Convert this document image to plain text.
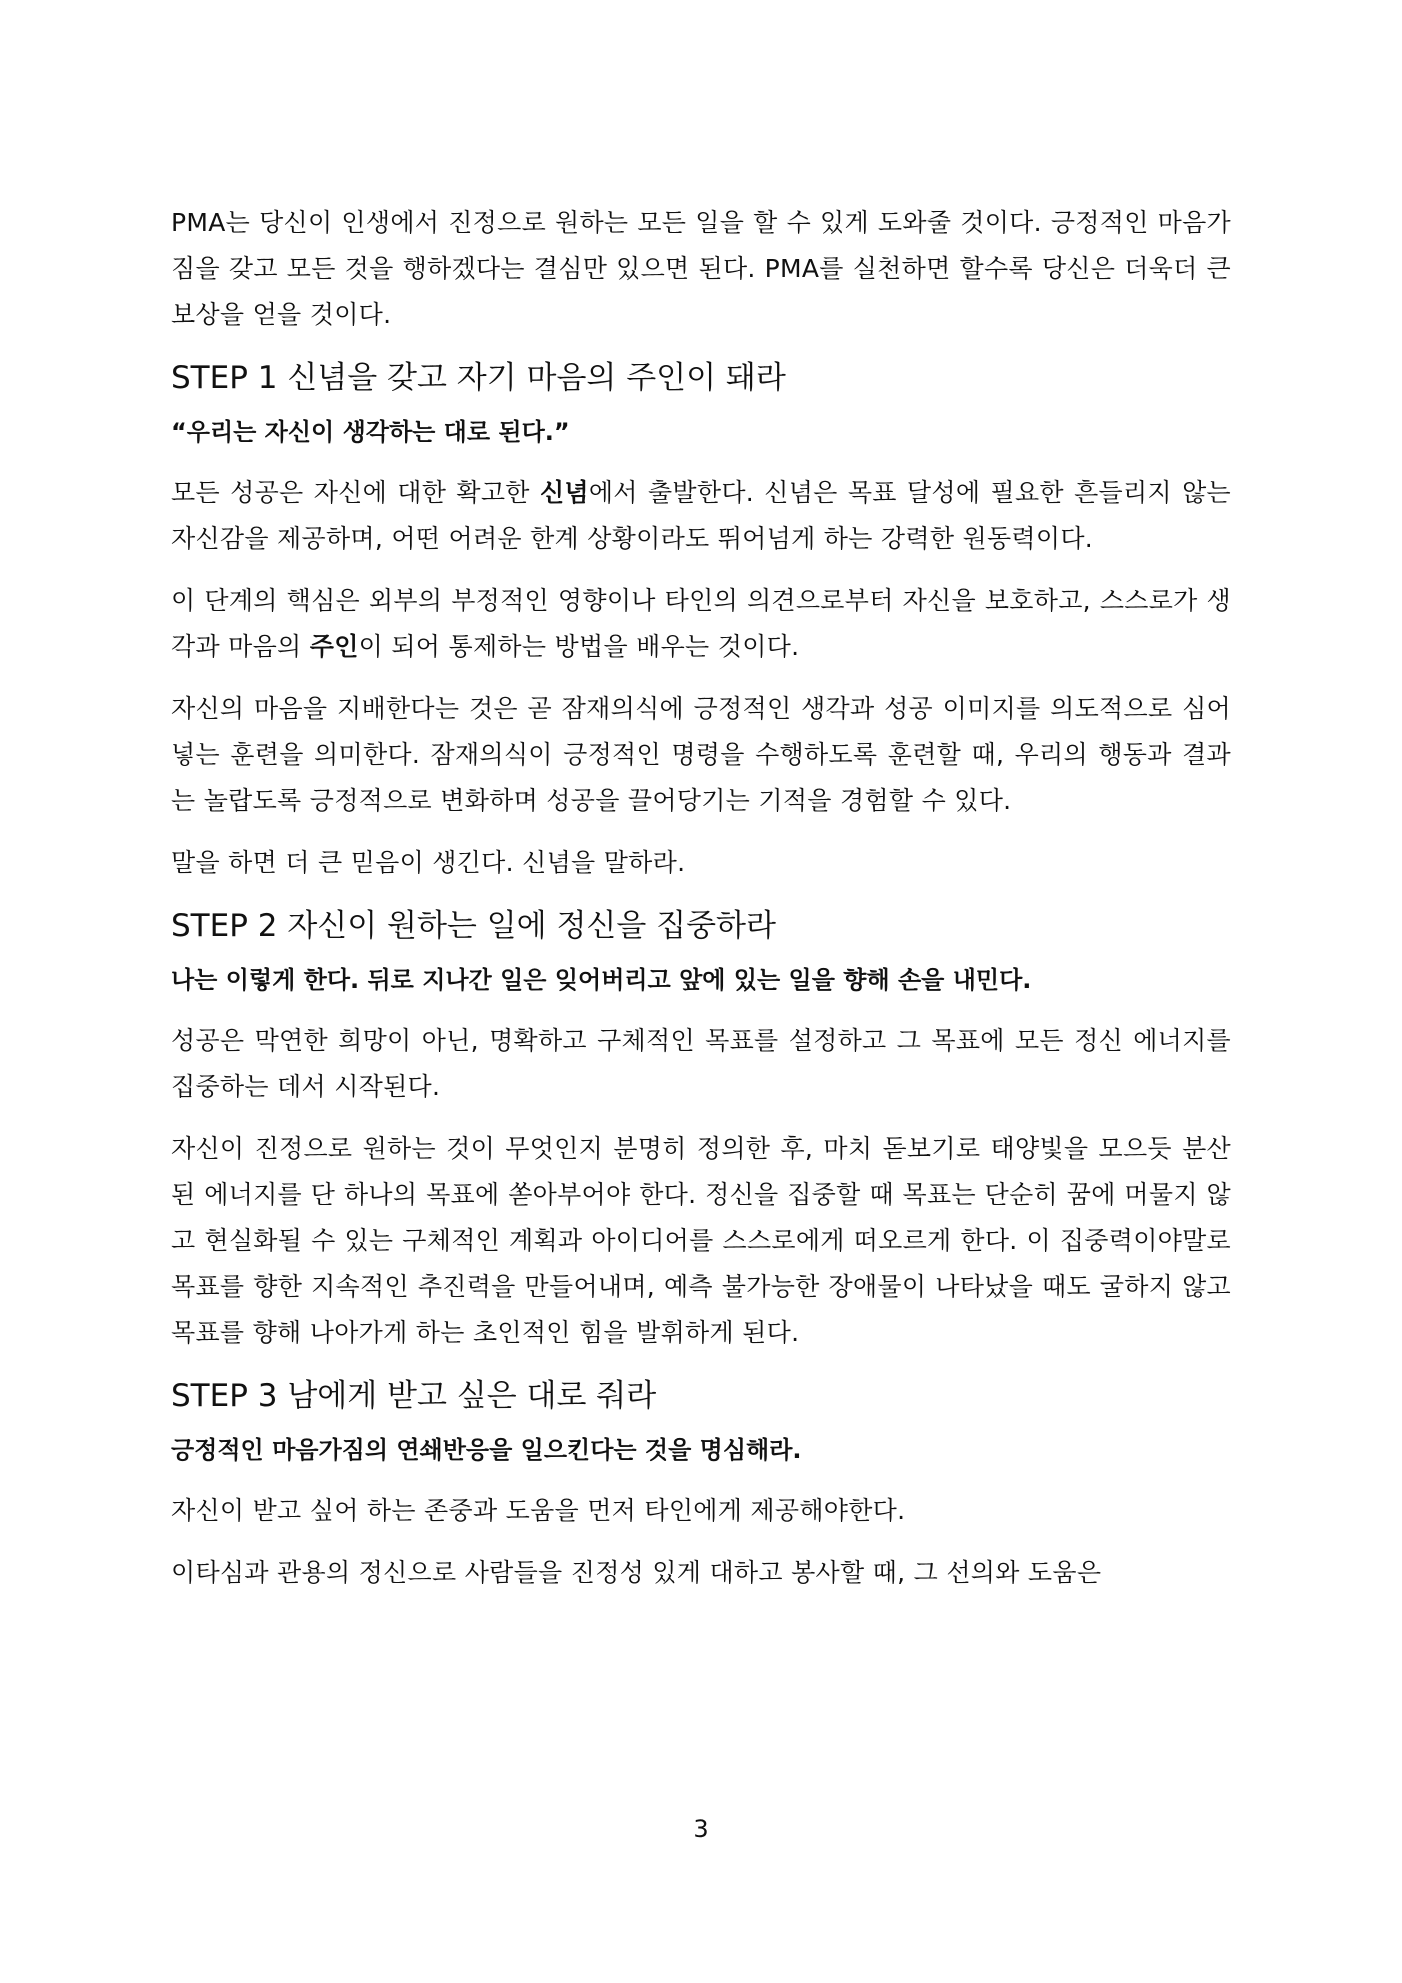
PMA는 당신이 인생에서 진정으로 원하는 모든 일을 할 수 있게 도와줄 것이다. 긍정적인 마음가짐을 갖고 모든 것을 행하겠다는 결심만 있으면 된다. PMA를 실천하면 할수록 당신은 더욱더 큰 보상을 얻을 것이다.

STEP 1 신념을 갖고 자기 마음의 주인이 돼라

“우리는 자신이 생각하는 대로 된다.”

모든 성공은 자신에 대한 확고한 신념에서 출발한다. 신념은 목표 달성에 필요한 흔들리지 않는 자신감을 제공하며, 어떤 어려운 한계 상황이라도 뛰어넘게 하는 강력한 원동력이다.

이 단계의 핵심은 외부의 부정적인 영향이나 타인의 의견으로부터 자신을 보호하고, 스스로가 생각과 마음의 주인이 되어 통제하는 방법을 배우는 것이다.

자신의 마음을 지배한다는 것은 곧 잠재의식에 긍정적인 생각과 성공 이미지를 의도적으로 심어 넣는 훈련을 의미한다. 잠재의식이 긍정적인 명령을 수행하도록 훈련할 때, 우리의 행동과 결과는 놀랍도록 긍정적으로 변화하며 성공을 끌어당기는 기적을 경험할 수 있다.

말을 하면 더 큰 믿음이 생긴다. 신념을 말하라.

STEP 2 자신이 원하는 일에 정신을 집중하라

나는 이렇게 한다. 뒤로 지나간 일은 잊어버리고 앞에 있는 일을 향해 손을 내민다.

성공은 막연한 희망이 아닌, 명확하고 구체적인 목표를 설정하고 그 목표에 모든 정신 에너지를 집중하는 데서 시작된다.

자신이 진정으로 원하는 것이 무엇인지 분명히 정의한 후, 마치 돋보기로 태양빛을 모으듯 분산된 에너지를 단 하나의 목표에 쏟아부어야 한다. 정신을 집중할 때 목표는 단순히 꿈에 머물지 않고 현실화될 수 있는 구체적인 계획과 아이디어를 스스로에게 떠오르게 한다. 이 집중력이야말로 목표를 향한 지속적인 추진력을 만들어내며, 예측 불가능한 장애물이 나타났을 때도 굴하지 않고 목표를 향해 나아가게 하는 초인적인 힘을 발휘하게 된다.

STEP 3 남에게 받고 싶은 대로 줘라

긍정적인 마음가짐의 연쇄반응을 일으킨다는 것을 명심해라.

자신이 받고 싶어 하는 존중과 도움을 먼저 타인에게 제공해야한다.

이타심과 관용의 정신으로 사람들을 진정성 있게 대하고 봉사할 때, 그 선의와 도움은

3
